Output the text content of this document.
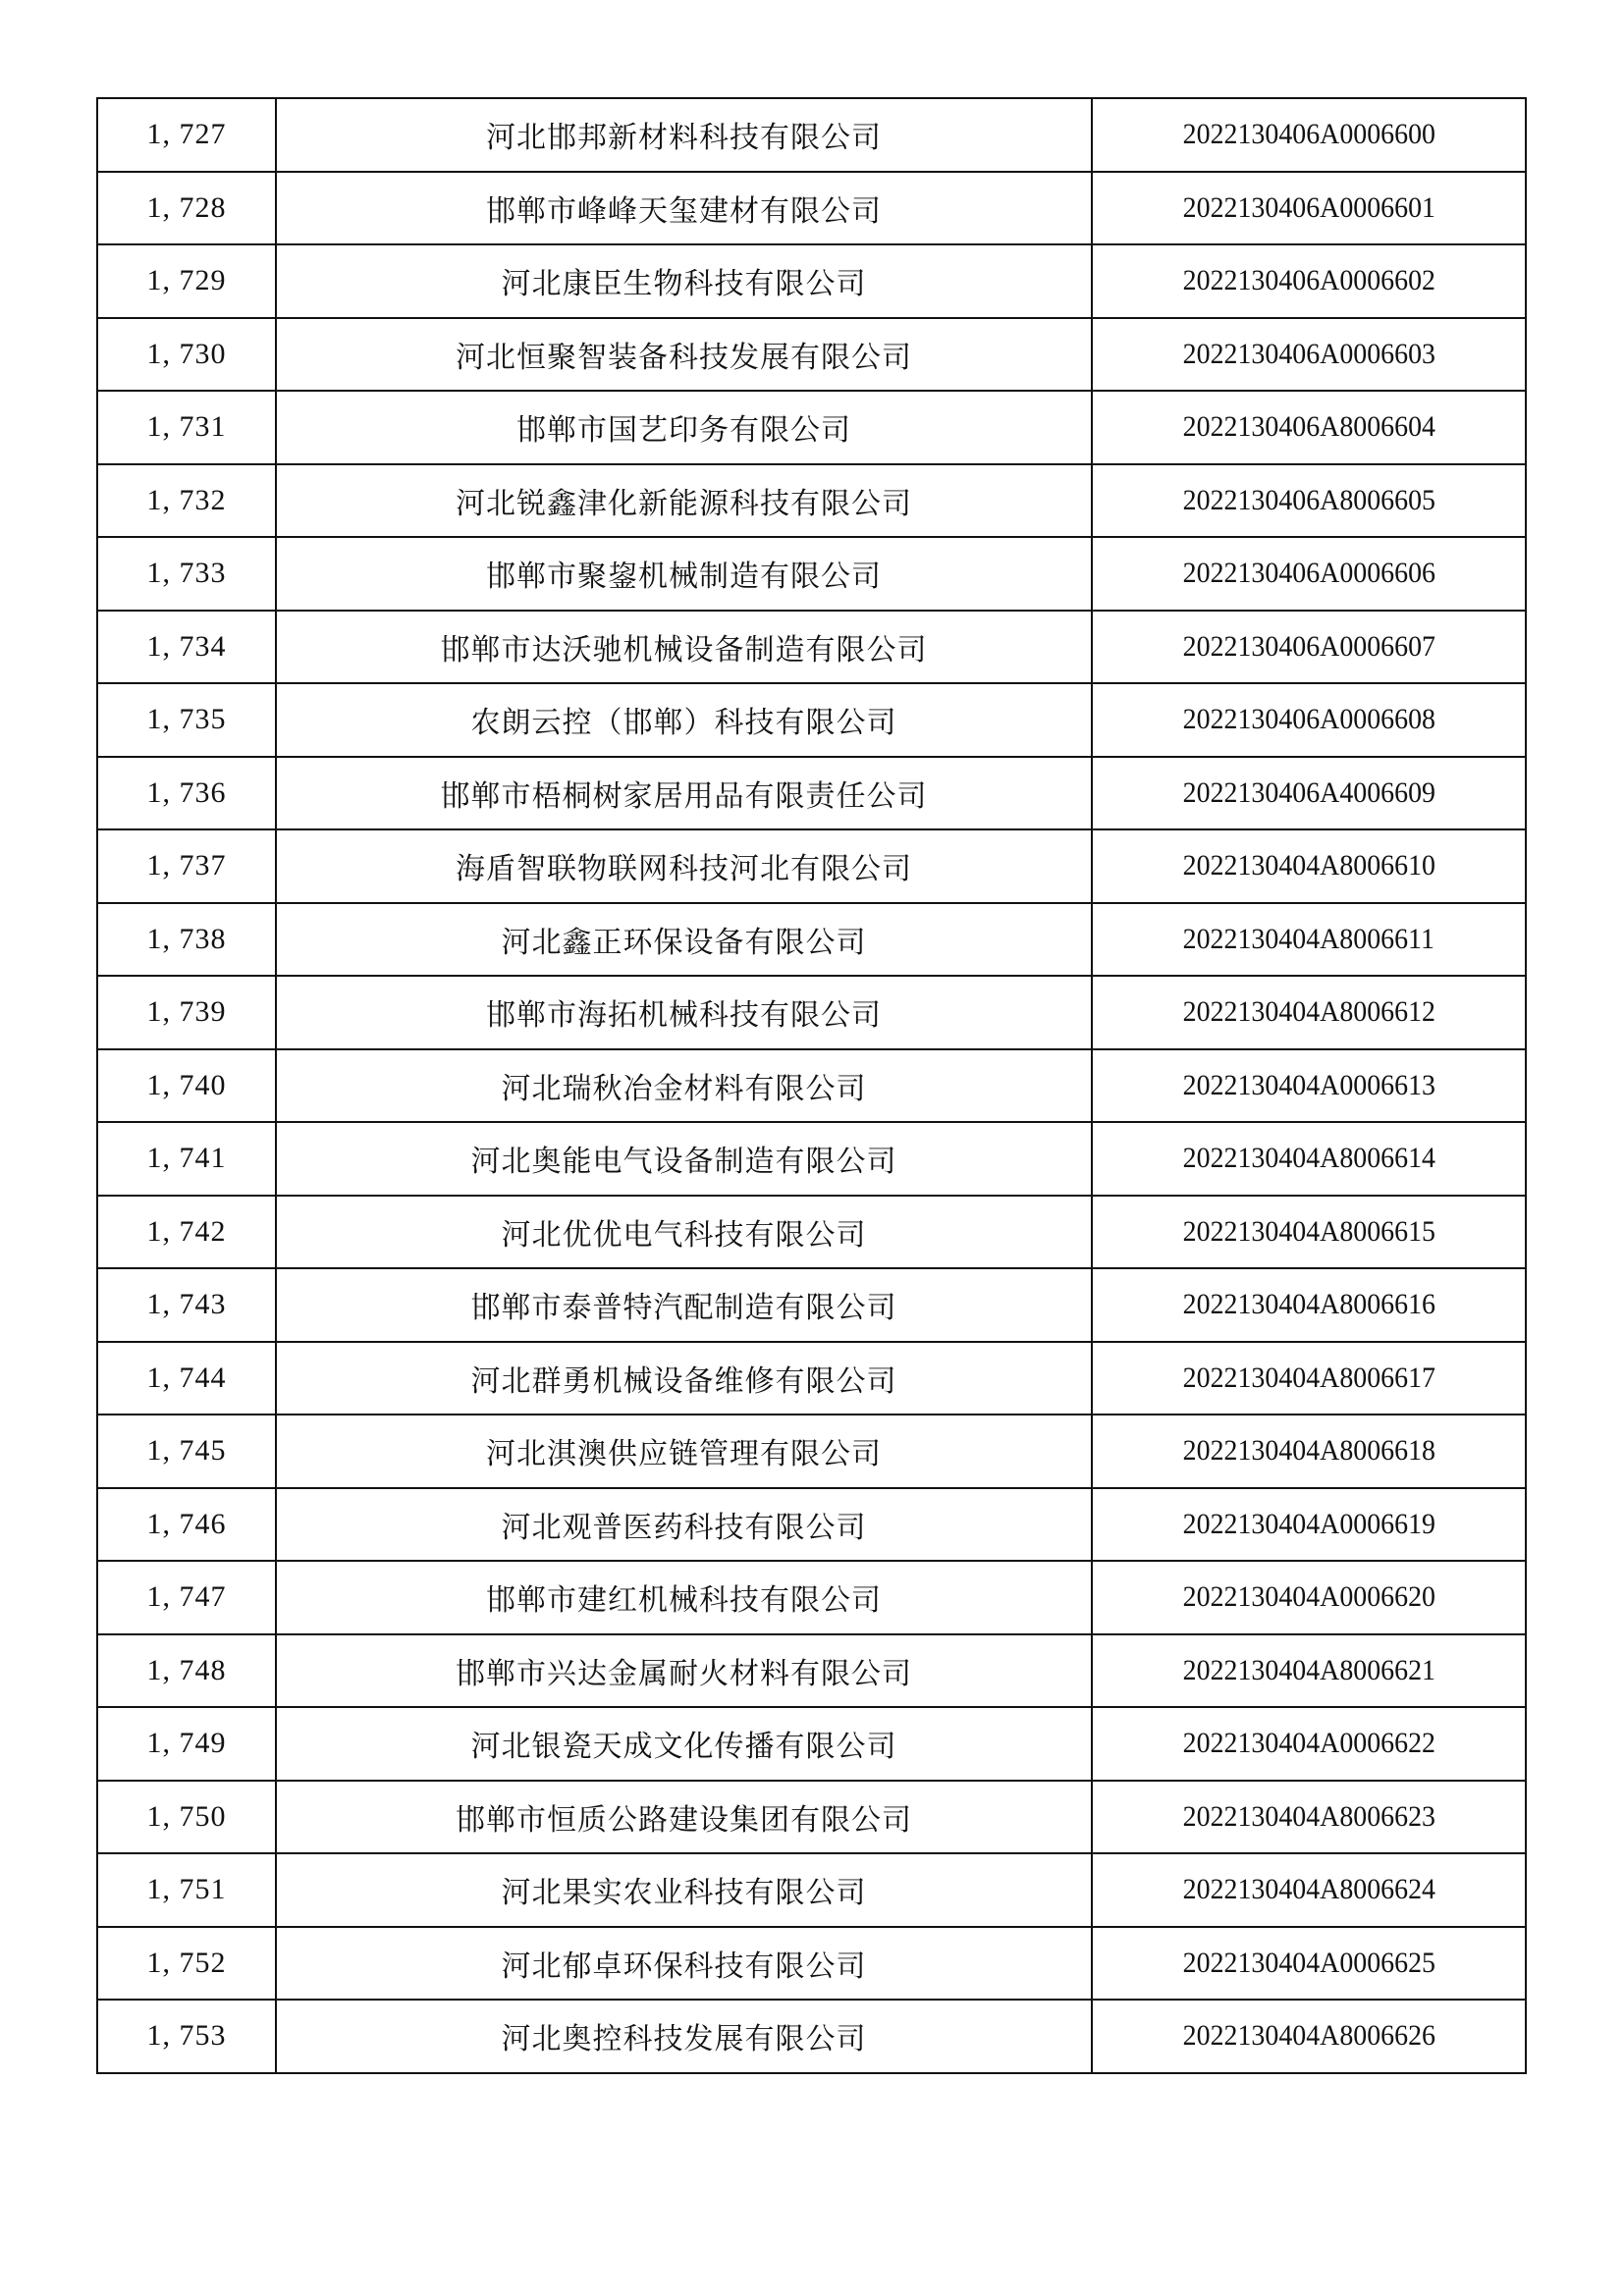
1, 727	河北邯邦新材料科技有限公司	2022130406A0006600
1, 728	邯郸市峰峰天玺建材有限公司	2022130406A0006601
1, 729	河北康臣生物科技有限公司	2022130406A0006602
1, 730	河北恒聚智装备科技发展有限公司	2022130406A0006603
1, 731	邯郸市国艺印务有限公司	2022130406A8006604
1, 732	河北锐鑫津化新能源科技有限公司	2022130406A8006605
1, 733	邯郸市聚鋆机械制造有限公司	2022130406A0006606
1, 734	邯郸市达沃驰机械设备制造有限公司	2022130406A0006607
1, 735	农朗云控（邯郸）科技有限公司	2022130406A0006608
1, 736	邯郸市梧桐树家居用品有限责任公司	2022130406A4006609
1, 737	海盾智联物联网科技河北有限公司	2022130404A8006610
1, 738	河北鑫正环保设备有限公司	2022130404A8006611
1, 739	邯郸市海拓机械科技有限公司	2022130404A8006612
1, 740	河北瑞秋冶金材料有限公司	2022130404A0006613
1, 741	河北奥能电气设备制造有限公司	2022130404A8006614
1, 742	河北优优电气科技有限公司	2022130404A8006615
1, 743	邯郸市泰普特汽配制造有限公司	2022130404A8006616
1, 744	河北群勇机械设备维修有限公司	2022130404A8006617
1, 745	河北淇澳供应链管理有限公司	2022130404A8006618
1, 746	河北观普医药科技有限公司	2022130404A0006619
1, 747	邯郸市建红机械科技有限公司	2022130404A0006620
1, 748	邯郸市兴达金属耐火材料有限公司	2022130404A8006621
1, 749	河北银瓷天成文化传播有限公司	2022130404A0006622
1, 750	邯郸市恒质公路建设集团有限公司	2022130404A8006623
1, 751	河北果实农业科技有限公司	2022130404A8006624
1, 752	河北郁卓环保科技有限公司	2022130404A0006625
1, 753	河北奥控科技发展有限公司	2022130404A8006626
